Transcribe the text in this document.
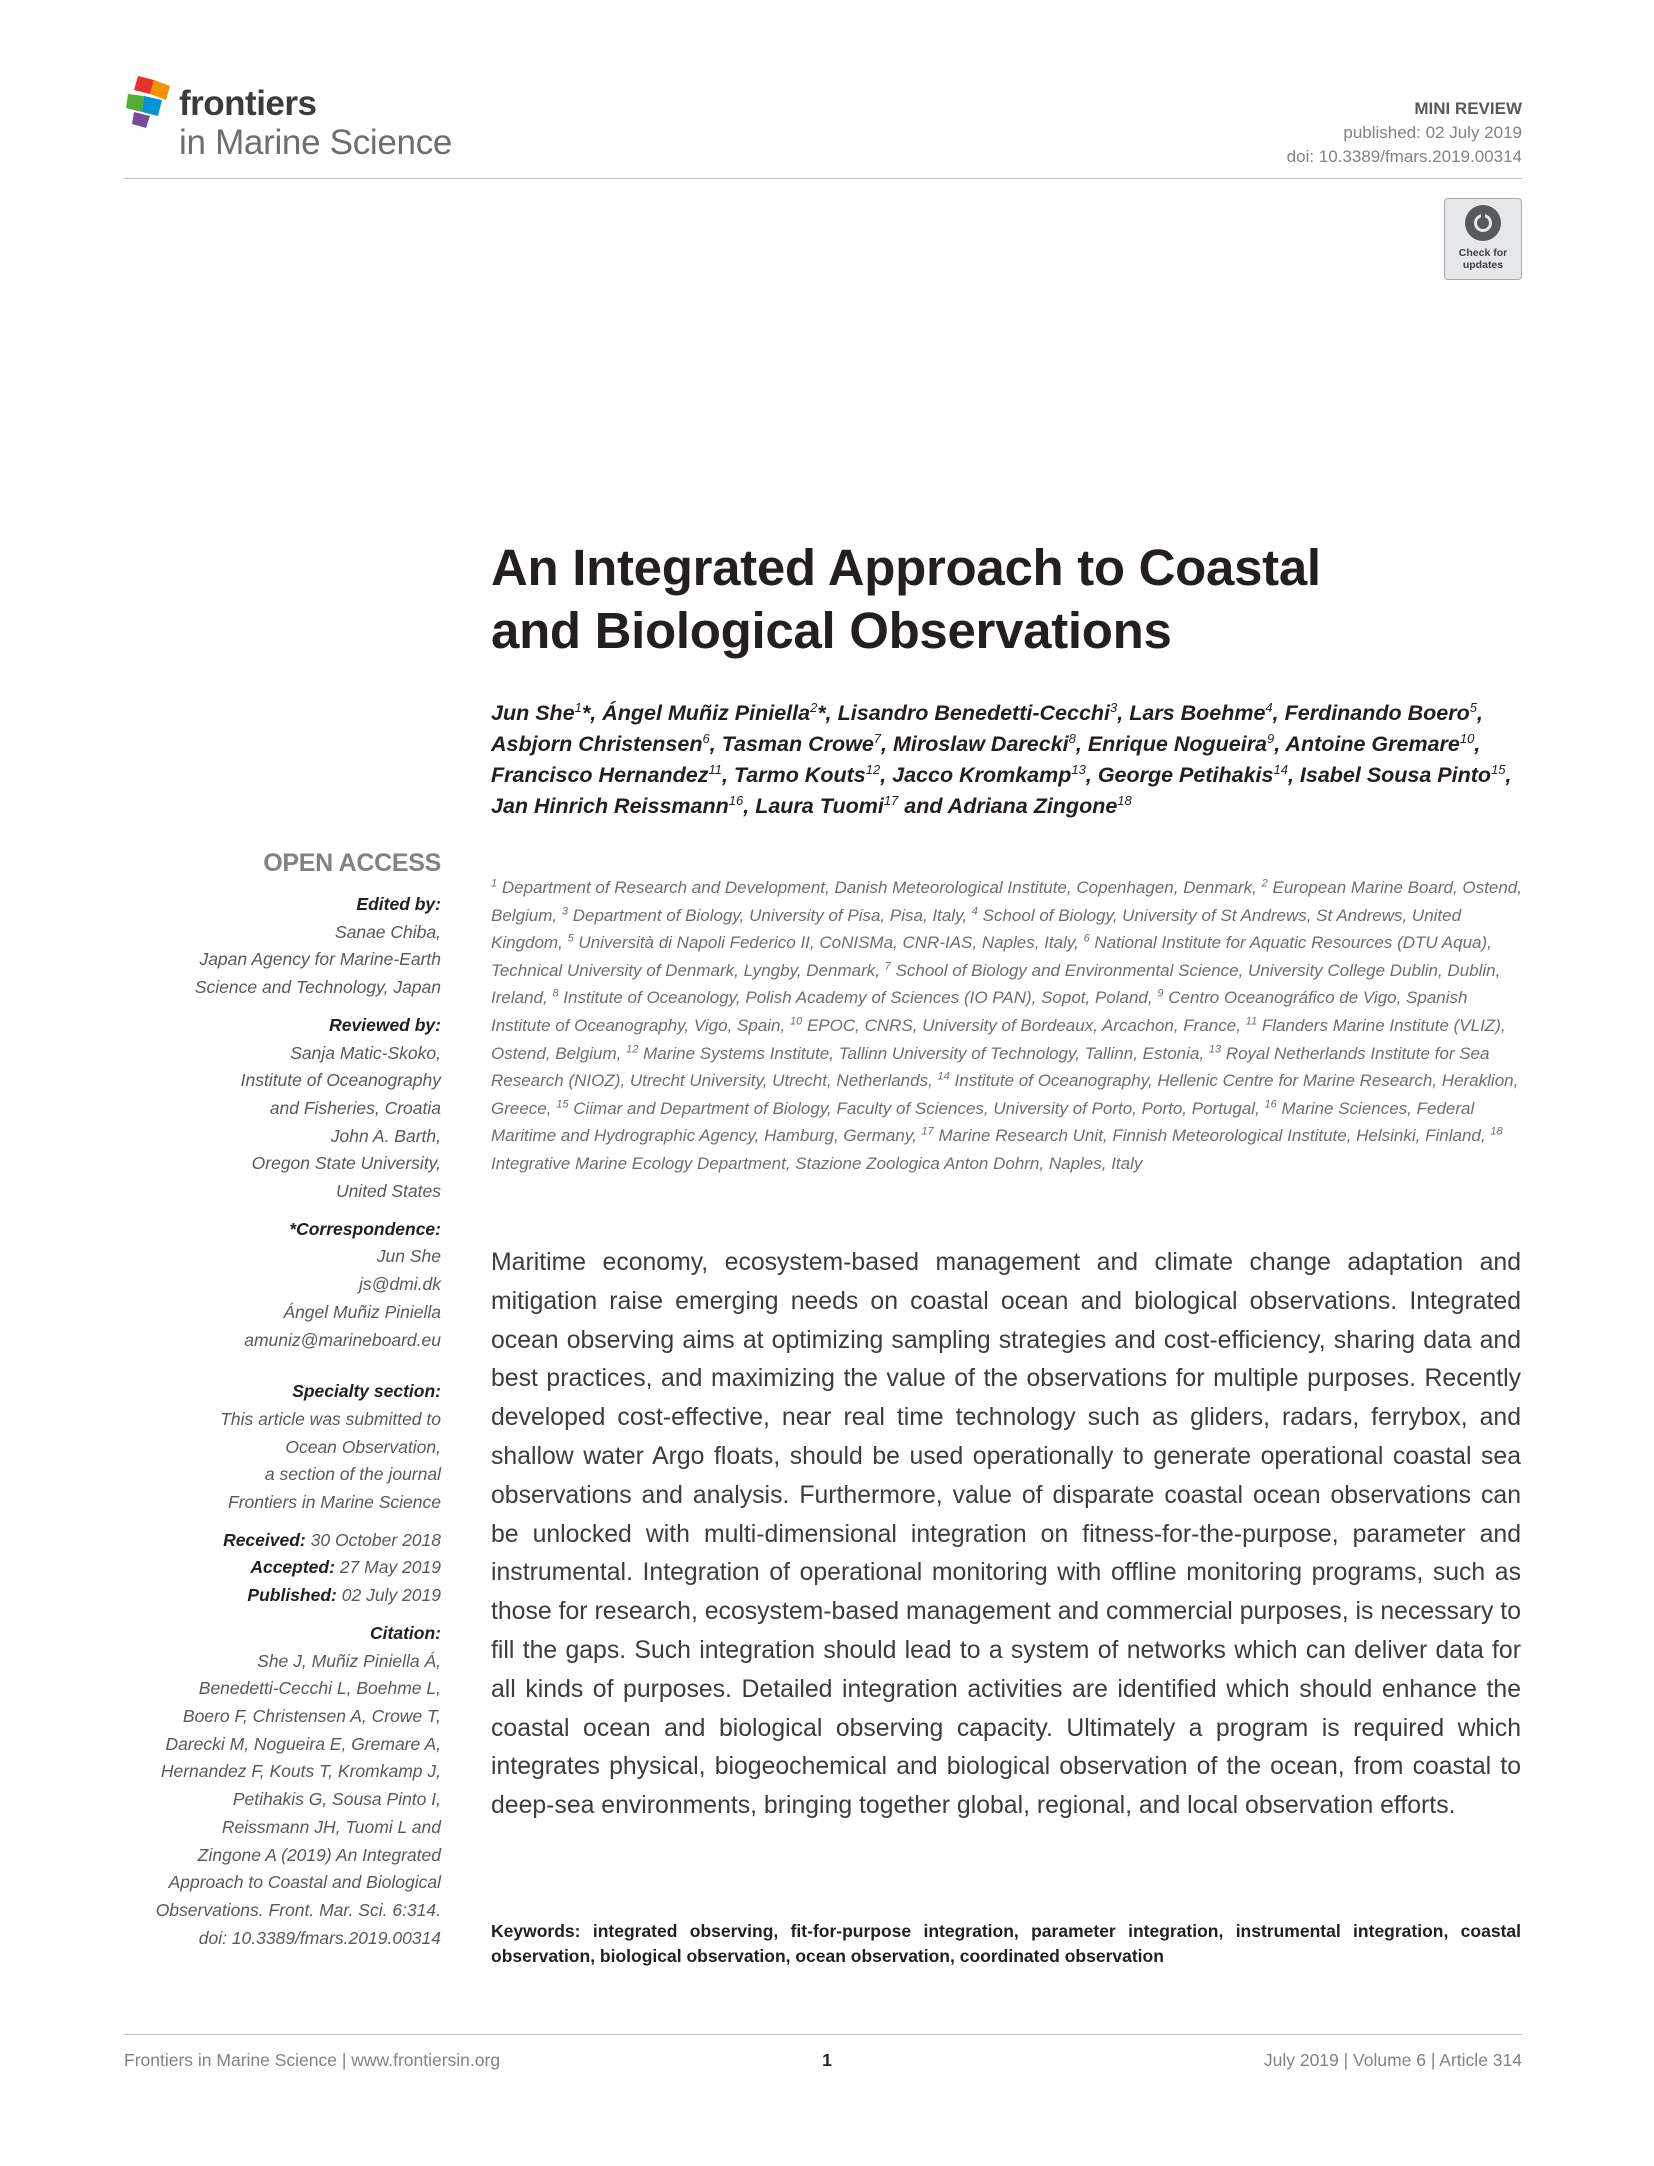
frontiers
in Marine Science
MINI REVIEW
published: 02 July 2019
doi: 10.3389/fmars.2019.00314
Check for updates
An Integrated Approach to Coastal
and Biological Observations
Jun She$^1$*, Ángel Muñiz Piniella$^2$*, Lisandro Benedetti-Cecchi$^3$, Lars Boehme$^4$, Ferdinando Boero$^5$, Asbjorn Christensen$^6$, Tasman Crowe$^7$, Miroslaw Darecki$^8$, Enrique Nogueira$^9$, Antoine Gremare$^{10}$, Francisco Hernandez$^{11}$, Tarmo Kouts$^{12}$, Jacco Kromkamp$^{13}$, George Petihakis$^{14}$, Isabel Sousa Pinto$^{15}$, Jan Hinrich Reissmann$^{16}$, Laura Tuomi$^{17}$ and Adriana Zingone$^{18}$
$^1$ Department of Research and Development, Danish Meteorological Institute, Copenhagen, Denmark, $^2$ European Marine Board, Ostend, Belgium, $^3$ Department of Biology, University of Pisa, Pisa, Italy, $^4$ School of Biology, University of St Andrews, St Andrews, United Kingdom, $^5$ Università di Napoli Federico II, CoNISMa, CNR-IAS, Naples, Italy, $^6$ National Institute for Aquatic Resources (DTU Aqua), Technical University of Denmark, Lyngby, Denmark, $^7$ School of Biology and Environmental Science, University College Dublin, Dublin, Ireland, $^8$ Institute of Oceanology, Polish Academy of Sciences (IO PAN), Sopot, Poland, $^9$ Centro Oceanográfico de Vigo, Spanish Institute of Oceanography, Vigo, Spain, $^{10}$ EPOC, CNRS, University of Bordeaux, Arcachon, France, $^{11}$ Flanders Marine Institute (VLIZ), Ostend, Belgium, $^{12}$ Marine Systems Institute, Tallinn University of Technology, Tallinn, Estonia, $^{13}$ Royal Netherlands Institute for Sea Research (NIOZ), Utrecht University, Utrecht, Netherlands, $^{14}$ Institute of Oceanography, Hellenic Centre for Marine Research, Heraklion, Greece, $^{15}$ Ciimar and Department of Biology, Faculty of Sciences, University of Porto, Porto, Portugal, $^{16}$ Marine Sciences, Federal Maritime and Hydrographic Agency, Hamburg, Germany, $^{17}$ Marine Research Unit, Finnish Meteorological Institute, Helsinki, Finland, $^{18}$ Integrative Marine Ecology Department, Stazione Zoologica Anton Dohrn, Naples, Italy
Maritime economy, ecosystem-based management and climate change adaptation and mitigation raise emerging needs on coastal ocean and biological observations. Integrated ocean observing aims at optimizing sampling strategies and cost-efficiency, sharing data and best practices, and maximizing the value of the observations for multiple purposes. Recently developed cost-effective, near real time technology such as gliders, radars, ferrybox, and shallow water Argo floats, should be used operationally to generate operational coastal sea observations and analysis. Furthermore, value of disparate coastal ocean observations can be unlocked with multi-dimensional integration on fitness-for-the-purpose, parameter and instrumental. Integration of operational monitoring with offline monitoring programs, such as those for research, ecosystem-based management and commercial purposes, is necessary to fill the gaps. Such integration should lead to a system of networks which can deliver data for all kinds of purposes. Detailed integration activities are identified which should enhance the coastal ocean and biological observing capacity. Ultimately a program is required which integrates physical, biogeochemical and biological observation of the ocean, from coastal to deep-sea environments, bringing together global, regional, and local observation efforts.
Keywords: integrated observing, fit-for-purpose integration, parameter integration, instrumental integration, coastal observation, biological observation, ocean observation, coordinated observation
OPEN ACCESS
Edited by:
Sanae Chiba,
Japan Agency for Marine-Earth
Science and Technology, Japan
Reviewed by:
Sanja Matic-Skoko,
Institute of Oceanography
and Fisheries, Croatia
John A. Barth,
Oregon State University,
United States
*Correspondence:
Jun She
js@dmi.dk
Ángel Muñiz Piniella
amuniz@marineboard.eu
Specialty section:
This article was submitted to
Ocean Observation,
a section of the journal
Frontiers in Marine Science
Received: 30 October 2018
Accepted: 27 May 2019
Published: 02 July 2019
Citation:
She J, Muñiz Piniella Á,
Benedetti-Cecchi L, Boehme L,
Boero F, Christensen A, Crowe T,
Darecki M, Nogueira E, Gremare A,
Hernandez F, Kouts T, Kromkamp J,
Petihakis G, Sousa Pinto I,
Reissmann JH, Tuomi L and
Zingone A (2019) An Integrated
Approach to Coastal and Biological
Observations. Front. Mar. Sci. 6:314.
doi: 10.3389/fmars.2019.00314
Frontiers in Marine Science | www.frontiersin.org	1	July 2019 | Volume 6 | Article 314
